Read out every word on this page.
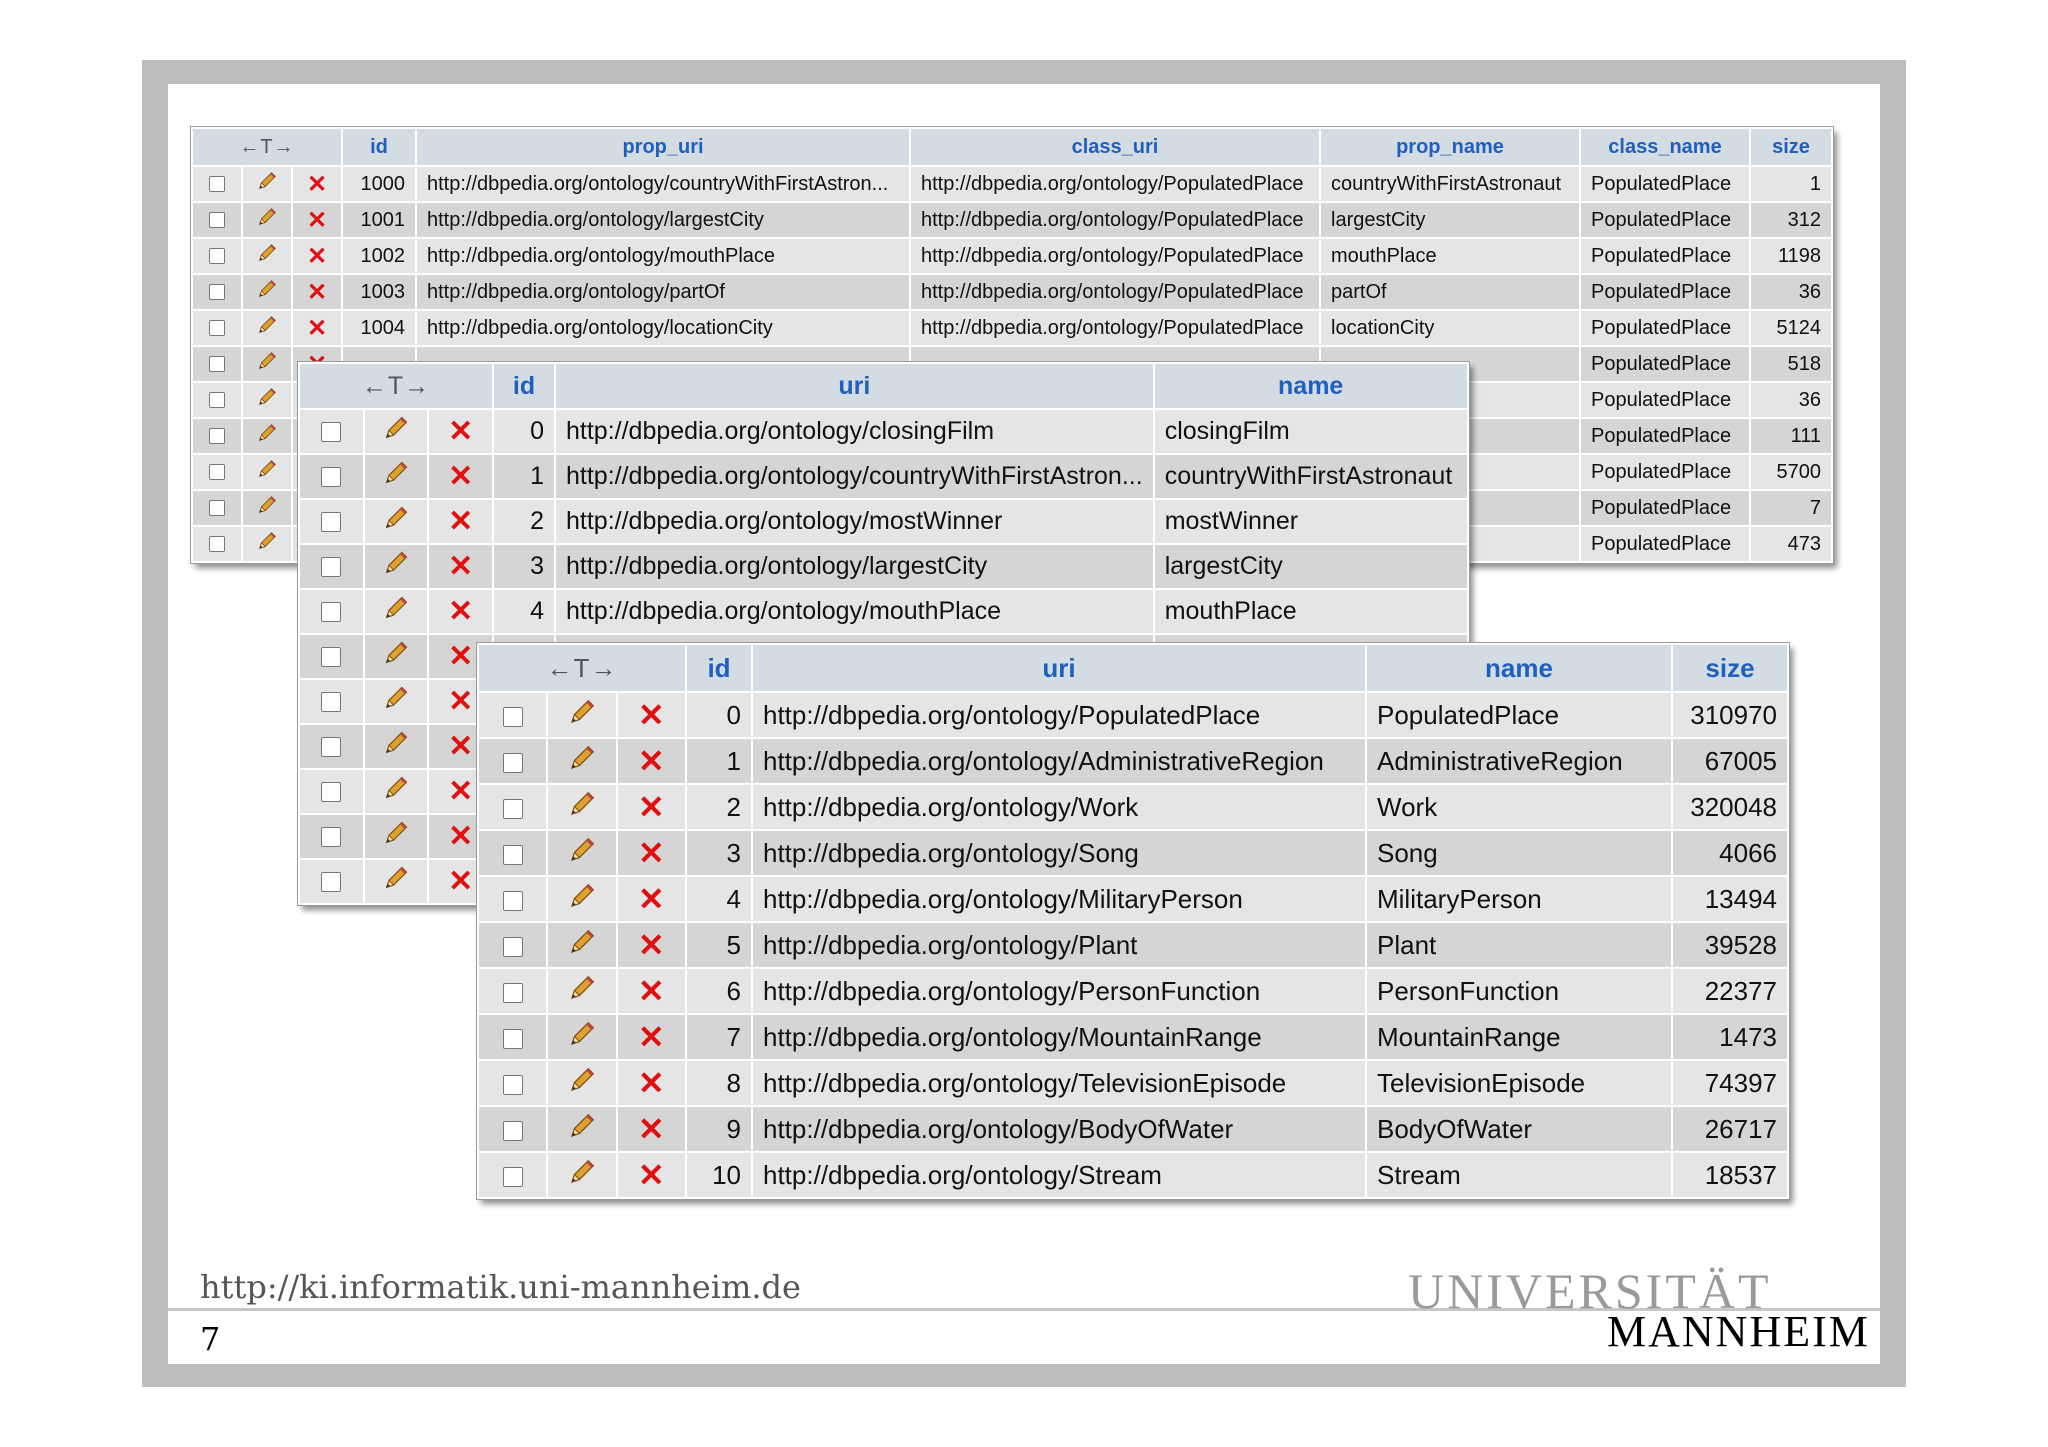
←T→			id	prop_uri	class_uri	prop_name	class_name	size
		✕	1000	http://dbpedia.org/ontology/countryWithFirstAstron...	http://dbpedia.org/ontology/PopulatedPlace	countryWithFirstAstronaut	PopulatedPlace	1
		✕	1001	http://dbpedia.org/ontology/largestCity	http://dbpedia.org/ontology/PopulatedPlace	largestCity	PopulatedPlace	312
		✕	1002	http://dbpedia.org/ontology/mouthPlace	http://dbpedia.org/ontology/PopulatedPlace	mouthPlace	PopulatedPlace	1198
		✕	1003	http://dbpedia.org/ontology/partOf	http://dbpedia.org/ontology/PopulatedPlace	partOf	PopulatedPlace	36
		✕	1004	http://dbpedia.org/ontology/locationCity	http://dbpedia.org/ontology/PopulatedPlace	locationCity	PopulatedPlace	5124
							PopulatedPlace	518
							PopulatedPlace	36
							PopulatedPlace	111
							PopulatedPlace	5700
							PopulatedPlace	7
							PopulatedPlace	473
←T→			id	uri	name
		✕	0	http://dbpedia.org/ontology/closingFilm	closingFilm
		✕	1	http://dbpedia.org/ontology/countryWithFirstAstron...	countryWithFirstAstronaut
		✕	2	http://dbpedia.org/ontology/mostWinner	mostWinner
		✕	3	http://dbpedia.org/ontology/largestCity	largestCity
		✕	4	http://dbpedia.org/ontology/mouthPlace	mouthPlace
		✕			
		✕			
		✕			
		✕			
		✕			
		✕			
←T→			id	uri	name	size
		✕	0	http://dbpedia.org/ontology/PopulatedPlace	PopulatedPlace	310970
		✕	1	http://dbpedia.org/ontology/AdministrativeRegion	AdministrativeRegion	67005
		✕	2	http://dbpedia.org/ontology/Work	Work	320048
		✕	3	http://dbpedia.org/ontology/Song	Song	4066
		✕	4	http://dbpedia.org/ontology/MilitaryPerson	MilitaryPerson	13494
		✕	5	http://dbpedia.org/ontology/Plant	Plant	39528
		✕	6	http://dbpedia.org/ontology/PersonFunction	PersonFunction	22377
		✕	7	http://dbpedia.org/ontology/MountainRange	MountainRange	1473
		✕	8	http://dbpedia.org/ontology/TelevisionEpisode	TelevisionEpisode	74397
		✕	9	http://dbpedia.org/ontology/BodyOfWater	BodyOfWater	26717
		✕	10	http://dbpedia.org/ontology/Stream	Stream	18537
http://ki.informatik.uni-mannheim.de
7
UNIVERSITÄT
MANNHEIM
